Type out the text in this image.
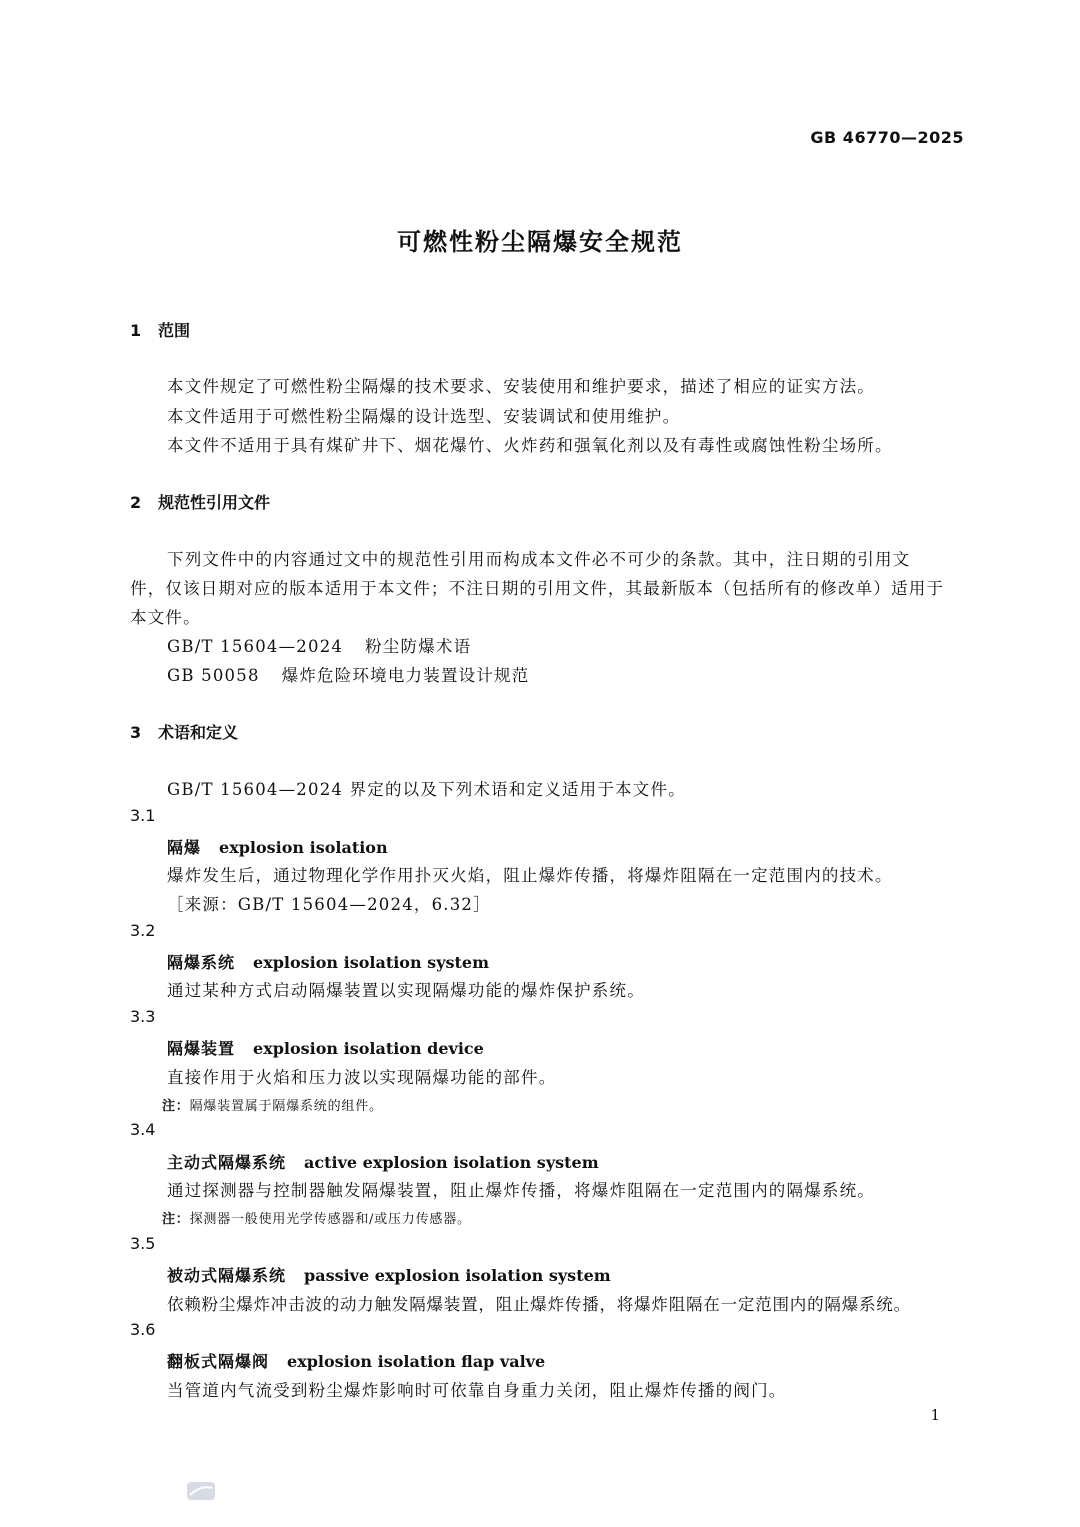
GB 46770—2025
可燃性粉尘隔爆安全规范
1 范围
本文件规定了可燃性粉尘隔爆的技术要求、安装使用和维护要求，描述了相应的证实方法。
本文件适用于可燃性粉尘隔爆的设计选型、安装调试和使用维护。
本文件不适用于具有煤矿井下、烟花爆竹、火炸药和强氧化剂以及有毒性或腐蚀性粉尘场所。
2 规范性引用文件
下列文件中的内容通过文中的规范性引用而构成本文件必不可少的条款。其中，注日期的引用文
件，仅该日期对应的版本适用于本文件；不注日期的引用文件，其最新版本（包括所有的修改单）适用于
本文件。
GB/T 15604—2024 粉尘防爆术语
GB 50058 爆炸危险环境电力装置设计规范
3 术语和定义
GB/T 15604—2024 界定的以及下列术语和定义适用于本文件。
3.1
隔爆 explosion isolation
爆炸发生后，通过物理化学作用扑灭火焰，阻止爆炸传播，将爆炸阻隔在一定范围内的技术。
［来源：GB/T 15604—2024，6.32］
3.2
隔爆系统 explosion isolation system
通过某种方式启动隔爆装置以实现隔爆功能的爆炸保护系统。
3.3
隔爆装置 explosion isolation device
直接作用于火焰和压力波以实现隔爆功能的部件。
注：隔爆装置属于隔爆系统的组件。
3.4
主动式隔爆系统 active explosion isolation system
通过探测器与控制器触发隔爆装置，阻止爆炸传播，将爆炸阻隔在一定范围内的隔爆系统。
注：探测器一般使用光学传感器和/或压力传感器。
3.5
被动式隔爆系统 passive explosion isolation system
依赖粉尘爆炸冲击波的动力触发隔爆装置，阻止爆炸传播，将爆炸阻隔在一定范围内的隔爆系统。
3.6
翻板式隔爆阀 explosion isolation flap valve
当管道内气流受到粉尘爆炸影响时可依靠自身重力关闭，阻止爆炸传播的阀门。
1
